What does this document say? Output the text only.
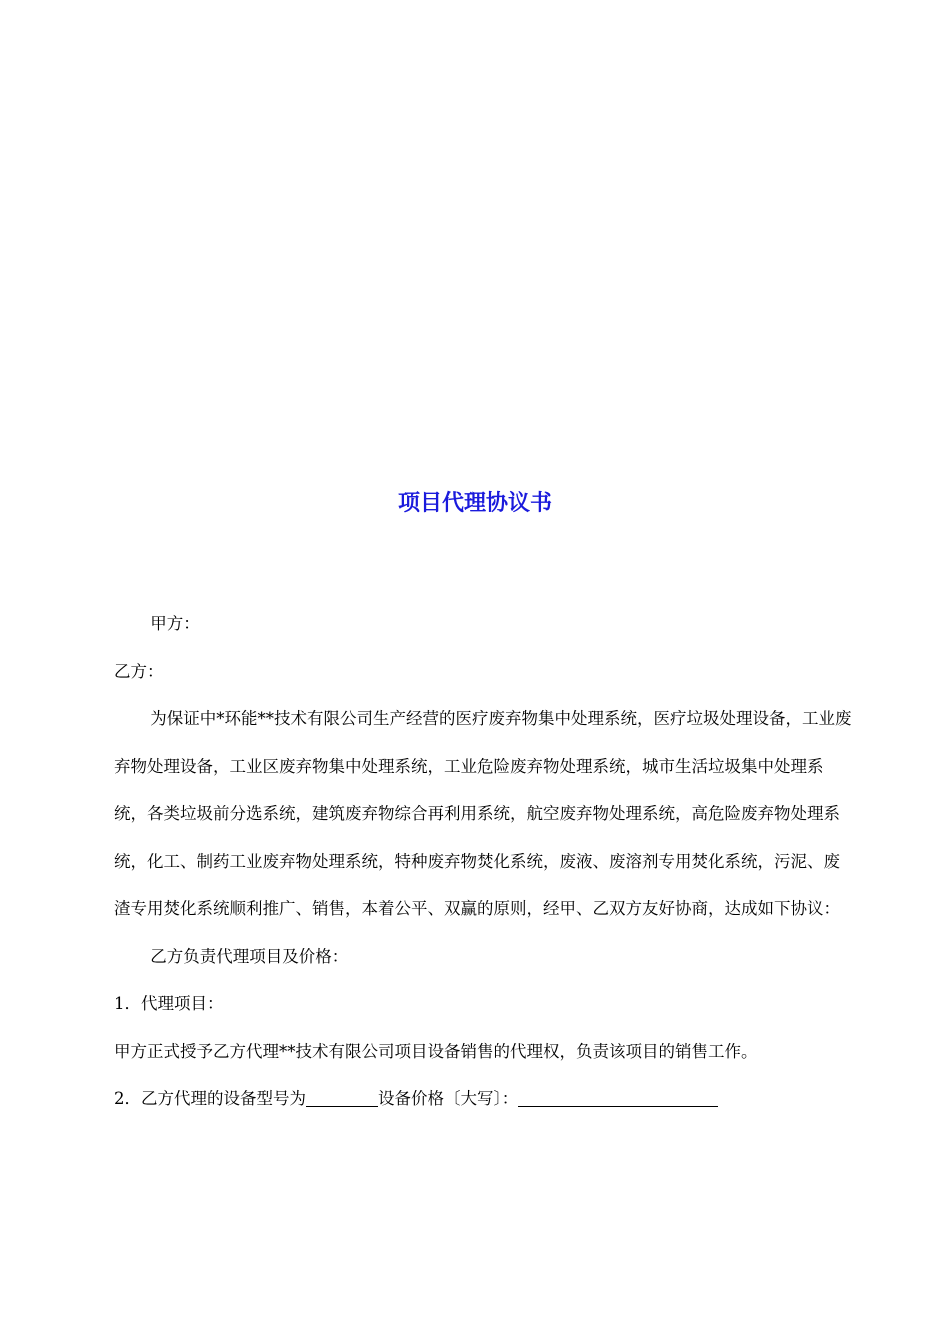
项目代理协议书

甲方：

乙方：

为保证中*环能**技术有限公司生产经营的医疗废弃物集中处理系统，医疗垃圾处理设备，工业废弃物处理设备，工业区废弃物集中处理系统，工业危险废弃物处理系统，城市生活垃圾集中处理系统，各类垃圾前分选系统，建筑废弃物综合再利用系统，航空废弃物处理系统，高危险废弃物处理系统，化工、制药工业废弃物处理系统，特种废弃物焚化系统，废液、废溶剂专用焚化系统，污泥、废渣专用焚化系统顺利推广、销售，本着公平、双赢的原则，经甲、乙双方友好协商，达成如下协议：

乙方负责代理项目及价格：

1．代理项目：

甲方正式授予乙方代理**技术有限公司项目设备销售的代理权，负责该项目的销售工作。

2．乙方代理的设备型号为	设备价格〔大写〕：
